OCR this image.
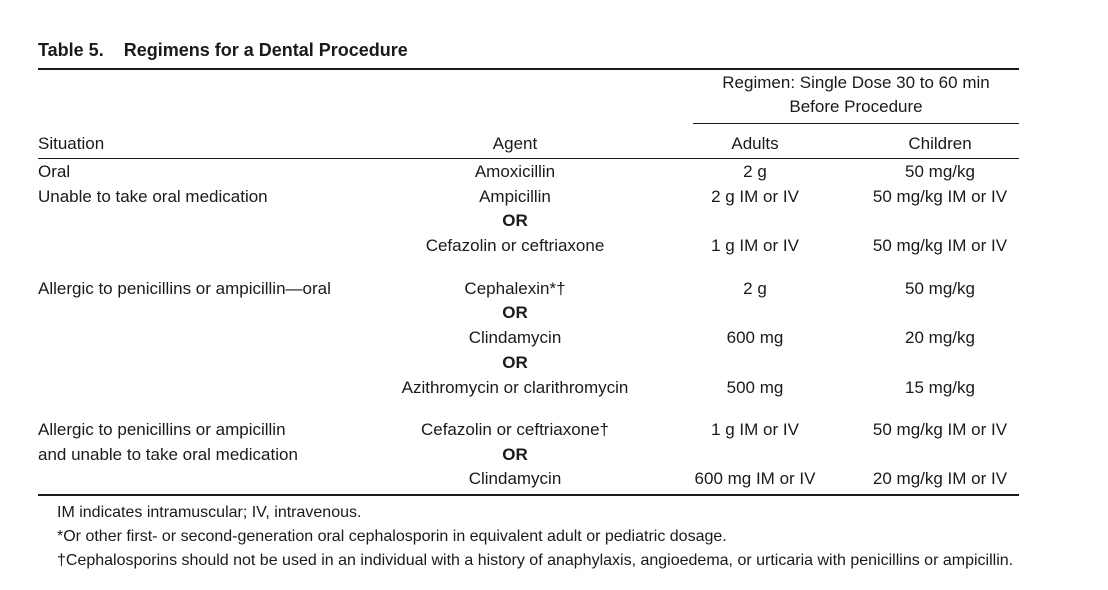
Table 5. Regimens for a Dental Procedure
Regimen: Single Dose 30 to 60 min
Before Procedure
Situation	Agent	Adults	Children
Oral	Amoxicillin	2 g	50 mg/kg
Unable to take oral medication	Ampicillin	2 g IM or IV	50 mg/kg IM or IV
OR
Cefazolin or ceftriaxone	1 g IM or IV	50 mg/kg IM or IV
Allergic to penicillins or ampicillin—oral	Cephalexin*†	2 g	50 mg/kg
OR
Clindamycin	600 mg	20 mg/kg
OR
Azithromycin or clarithromycin	500 mg	15 mg/kg
Allergic to penicillins or ampicillin
and unable to take oral medication
Cefazolin or ceftriaxone†	1 g IM or IV	50 mg/kg IM or IV
OR
Clindamycin	600 mg IM or IV	20 mg/kg IM or IV
IM indicates intramuscular; IV, intravenous.
*Or other first- or second-generation oral cephalosporin in equivalent adult or pediatric dosage.
†Cephalosporins should not be used in an individual with a history of anaphylaxis, angioedema, or urticaria with penicillins or ampicillin.
